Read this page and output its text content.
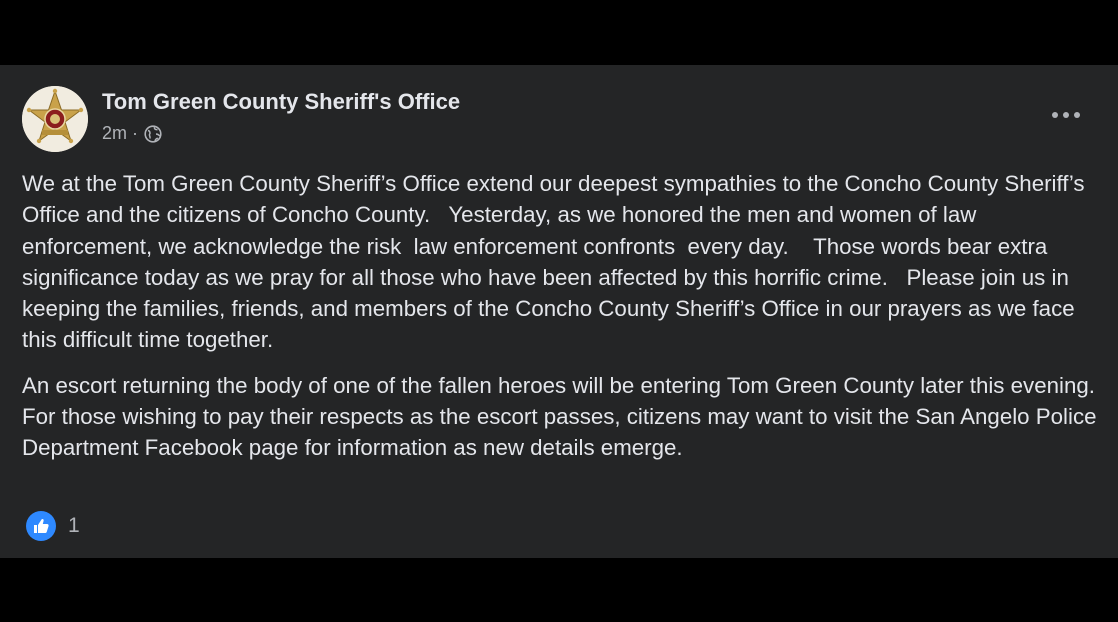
Tom Green County Sheriff's Office
2m ·

We at the Tom Green County Sheriff’s Office extend our deepest sympathies to the Concho County Sheriff’s Office and the citizens of Concho County.   Yesterday, as we honored the men and women of law enforcement, we acknowledge the risk  law enforcement confronts  every day.    Those words bear extra significance today as we pray for all those who have been affected by this horrific crime.   Please join us in keeping the families, friends, and members of the Concho County Sheriff’s Office in our prayers as we face this difficult time together.

An escort returning the body of one of the fallen heroes will be entering Tom Green County later this evening.   For those wishing to pay their respects as the escort passes, citizens may want to visit the San Angelo Police Department Facebook page for information as new details emerge.

1
